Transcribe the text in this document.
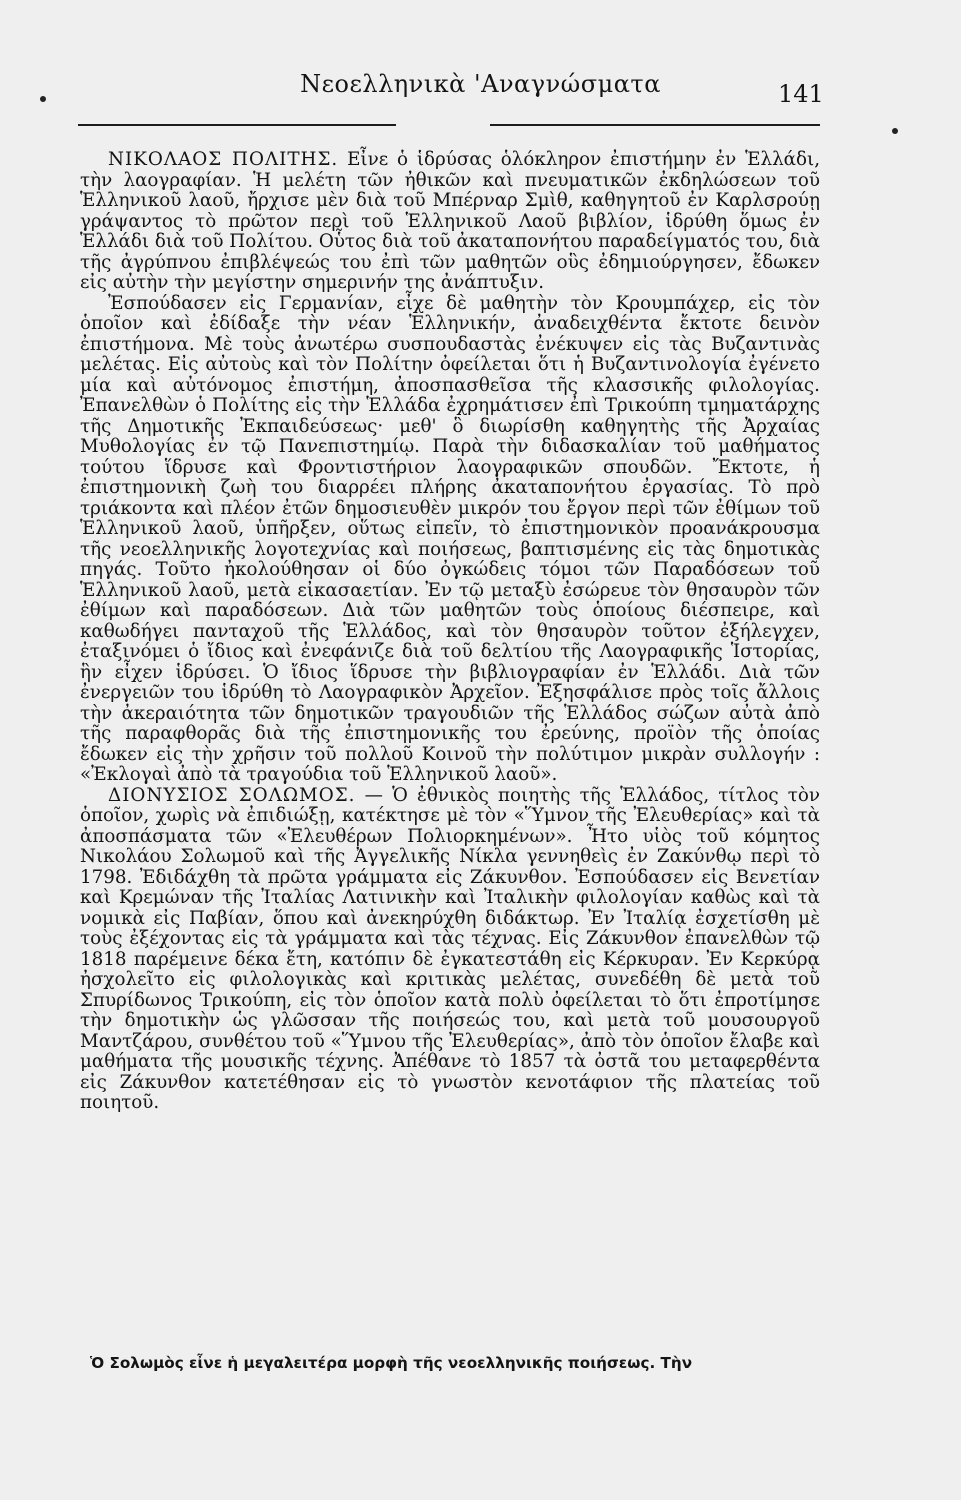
Νεοελληνικὰ 'Αναγνώσματα	141

ΝΙΚΟΛΑΟΣ ΠΟΛΙΤΗΣ. Εἶνε ὁ ἱδρύσας ὁλόκληρον ἐπιστήμην ἐν Ἑλλάδι, τὴν λαογραφίαν. Ἡ μελέτη τῶν ἠθικῶν καὶ πνευματικῶν ἐκδηλώσεων τοῦ Ἑλληνικοῦ λαοῦ, ἤρχισε μὲν διὰ τοῦ Μπέρναρ Σμὶθ, καθηγητοῦ ἐν Καρλσρούῃ γράψαντος τὸ πρῶτον περὶ τοῦ Ἑλληνικοῦ Λαοῦ βιβλίον, ἱδρύθη ὅμως ἐν Ἑλλάδι διὰ τοῦ Πολίτου. Οὗτος διὰ τοῦ ἀκαταπονήτου παραδείγματός του, διὰ τῆς ἀγρύπνου ἐπιβλέψεώς του ἐπὶ τῶν μαθητῶν οὓς ἐδημιούργησεν, ἔδωκεν εἰς αὐτὴν τὴν μεγίστην σημερινήν της ἀνάπτυξιν.

Ἐσπούδασεν εἰς Γερμανίαν, εἶχε δὲ μαθητὴν τὸν Κρουμπάχερ, εἰς τὸν ὁποῖον καὶ ἐδίδαξε τὴν νέαν Ἑλληνικήν, ἀναδειχθέντα ἔκτοτε δεινὸν ἐπιστήμονα. Μὲ τοὺς ἀνωτέρω συσπουδαστὰς ἐνέκυψεν εἰς τὰς Βυζαντινὰς μελέτας. Εἰς αὐτοὺς καὶ τὸν Πολίτην ὀφείλεται ὅτι ἡ Βυζαντινολογία ἐγένετο μία καὶ αὐτόνομος ἐπιστήμη, ἀποσπασθεῖσα τῆς κλασσικῆς φιλολογίας. Ἐπανελθὼν ὁ Πολίτης εἰς τὴν Ἑλλάδα ἐχρημάτισεν ἐπὶ Τρικούπη τμηματάρχης τῆς Δημοτικῆς Ἐκπαιδεύσεως· μεθ' ὃ διωρίσθη καθηγητὴς τῆς Ἀρχαίας Μυθολογίας ἐν τῷ Πανεπιστημίῳ. Παρὰ τὴν διδασκαλίαν τοῦ μαθήματος τούτου ἵδρυσε καὶ Φροντιστήριον λαογραφικῶν σπουδῶν. Ἔκτοτε, ἡ ἐπιστημονικὴ ζωὴ του διαρρέει πλήρης ἀκαταπονήτου ἐργασίας. Τὸ πρὸ τριάκοντα καὶ πλέον ἐτῶν δημοσιευθὲν μικρόν του ἔργον περὶ τῶν ἐθίμων τοῦ Ἑλληνικοῦ λαοῦ, ὑπῆρξεν, οὕτως εἰπεῖν, τὸ ἐπιστημονικὸν προανάκρουσμα τῆς νεοελληνικῆς λογοτεχνίας καὶ ποιήσεως, βαπτισμένης εἰς τὰς δημοτικὰς πηγάς. Τοῦτο ἠκολούθησαν οἱ δύο ὀγκώδεις τόμοι τῶν Παραδόσεων τοῦ Ἑλληνικοῦ λαοῦ, μετὰ εἰκασαετίαν. Ἐν τῷ μεταξὺ ἐσώρευε τὸν θησαυρὸν τῶν ἐθίμων καὶ παραδόσεων. Διὰ τῶν μαθητῶν τοὺς ὁποίους διέσπειρε, καὶ καθωδήγει πανταχοῦ τῆς Ἑλλάδος, καὶ τὸν θησαυρὸν τοῦτον ἐξήλεγχεν, ἐταξινόμει ὁ ἴδιος καὶ ἐνεφάνιζε διὰ τοῦ δελτίου τῆς Λαογραφικῆς Ἱστορίας, ἣν εἶχεν ἱδρύσει. Ὁ ἴδιος ἵδρυσε τὴν βιβλιογραφίαν ἐν Ἑλλάδι. Διὰ τῶν ἐνεργειῶν του ἱδρύθη τὸ Λαογραφικὸν Ἀρχεῖον. Ἐξησφάλισε πρὸς τοῖς ἄλλοις τὴν ἀκεραιότητα τῶν δημοτικῶν τραγουδιῶν τῆς Ἑλλάδος σώζων αὐτὰ ἀπὸ τῆς παραφθορᾶς διὰ τῆς ἐπιστημονικῆς του ἐρεύνης, προϊὸν τῆς ὁποίας ἔδωκεν εἰς τὴν χρῆσιν τοῦ πολλοῦ Κοινοῦ τὴν πολύτιμον μικρὰν συλλογήν : «Ἐκλογαὶ ἀπὸ τὰ τραγούδια τοῦ Ἑλληνικοῦ λαοῦ».

ΔΙΟΝΥΣΙΟΣ ΣΟΛΩΜΟΣ. — Ὁ ἐθνικὸς ποιητὴς τῆς Ἑλλάδος, τίτλος τὸν ὁποῖον, χωρὶς νὰ ἐπιδιώξῃ, κατέκτησε μὲ τὸν «Ὕμνον τῆς Ἐλευθερίας» καὶ τὰ ἀποσπάσματα τῶν «Ἐλευθέρων Πολιορκημένων». Ἦτο υἱὸς τοῦ κόμητος Νικολάου Σολωμοῦ καὶ τῆς Ἀγγελικῆς Νίκλα γεννηθεὶς ἐν Ζακύνθῳ περὶ τὸ 1798. Ἐδιδάχθη τὰ πρῶτα γράμματα εἰς Ζάκυνθον. Ἐσπούδασεν εἰς Βενετίαν καὶ Κρεμώναν τῆς Ἰταλίας Λατινικὴν καὶ Ἰταλικὴν φιλολογίαν καθὼς καὶ τὰ νομικὰ εἰς Παβίαν, ὅπου καὶ ἀνεκηρύχθη διδάκτωρ. Ἐν Ἰταλίᾳ ἐσχετίσθη μὲ τοὺς ἐξέχοντας εἰς τὰ γράμματα καὶ τὰς τέχνας. Εἰς Ζάκυνθον ἐπανελθὼν τῷ 1818 παρέμεινε δέκα ἔτη, κατόπιν δὲ ἐγκατεστάθη εἰς Κέρκυραν. Ἐν Κερκύρᾳ ἠσχολεῖτο εἰς φιλολογικὰς καὶ κριτικὰς μελέτας, συνεδέθη δὲ μετὰ τοῦ Σπυρίδωνος Τρικούπη, εἰς τὸν ὁποῖον κατὰ πολὺ ὀφείλεται τὸ ὅτι ἐπροτίμησε τὴν δημοτικὴν ὡς γλῶσσαν τῆς ποιήσεώς του, καὶ μετὰ τοῦ μουσουργοῦ Μαντζάρου, συνθέτου τοῦ «Ὕμνου τῆς Ἐλευθερίας», ἀπὸ τὸν ὁποῖον ἔλαβε καὶ μαθήματα τῆς μουσικῆς τέχνης. Ἀπέθανε τὸ 1857 τὰ ὀστᾶ του μεταφερθέντα εἰς Ζάκυνθον κατετέθησαν εἰς τὸ γνωστὸν κενοτάφιον τῆς πλατείας τοῦ ποιητοῦ.

Ὁ Σολωμὸς εἶνε ἡ μεγαλειτέρα μορφὴ τῆς νεοελληνικῆς ποιήσεως. Τὴν
